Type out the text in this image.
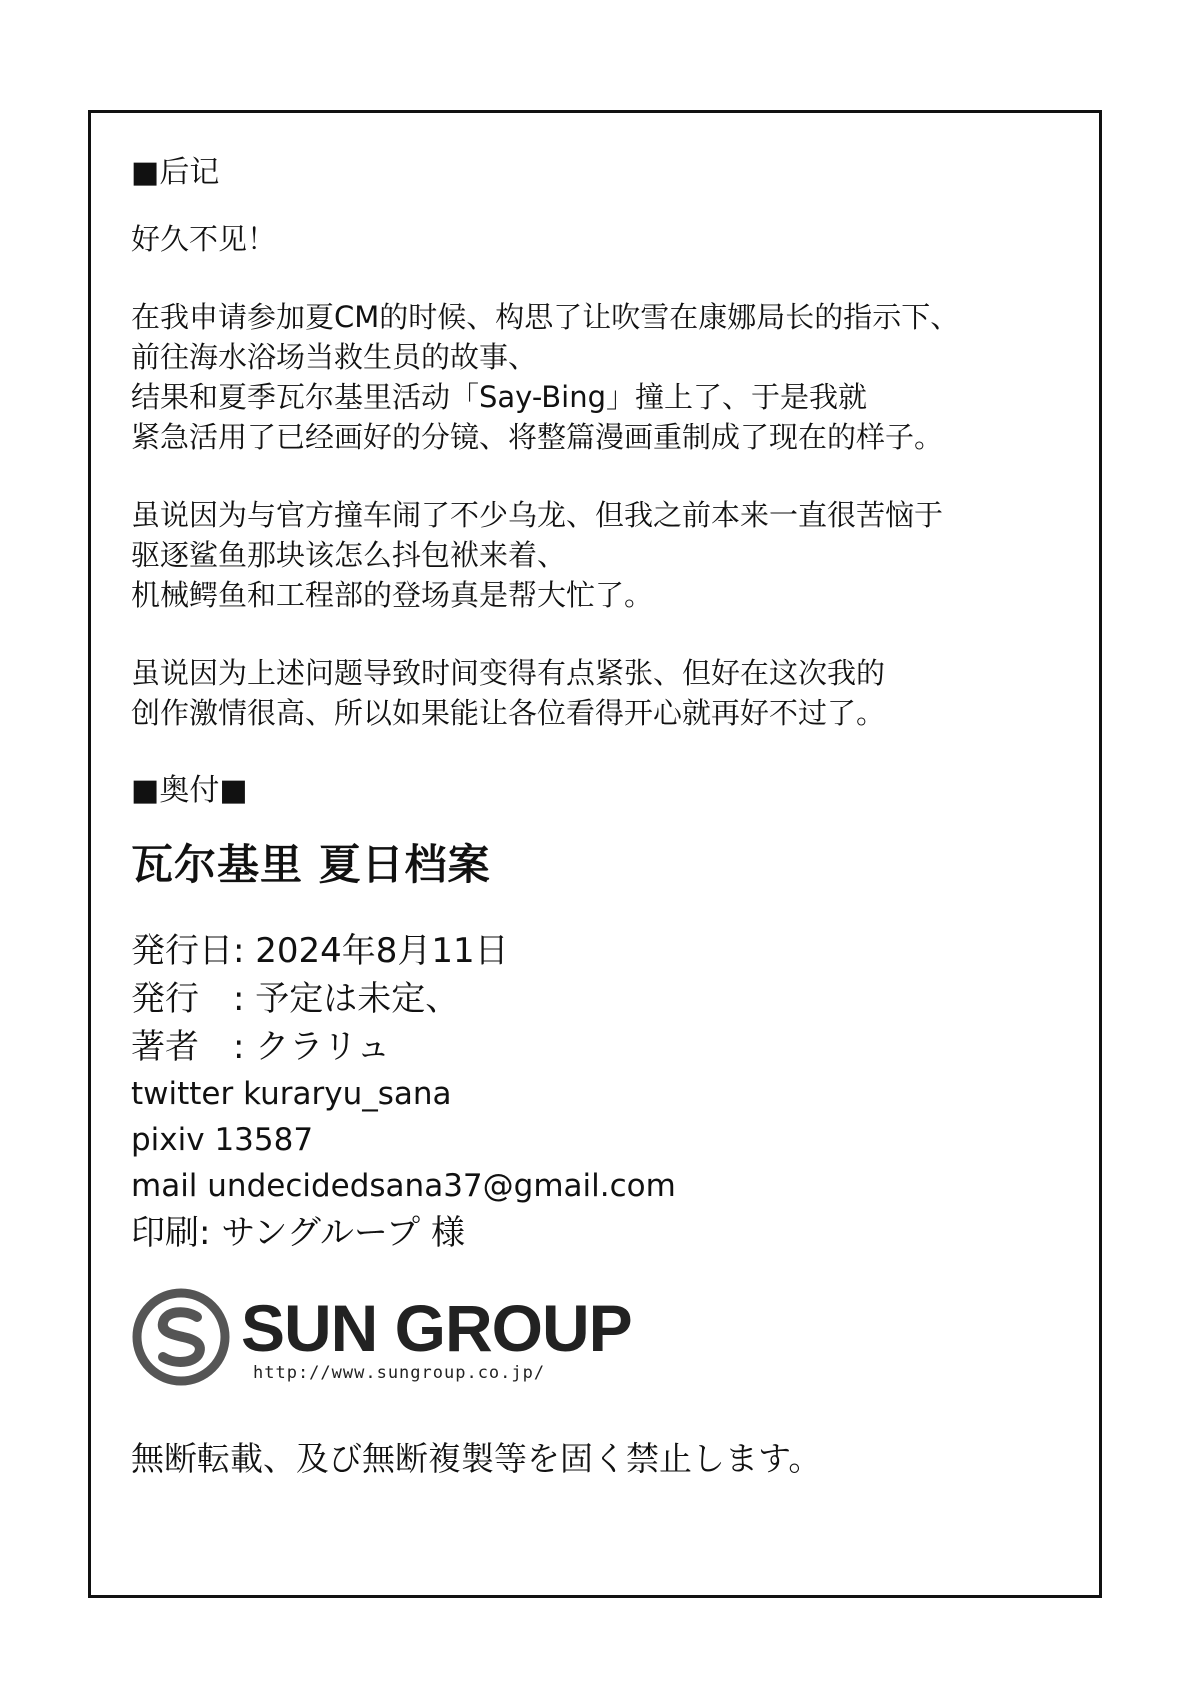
■后记
好久不见！
在我申请参加夏CM的时候、构思了让吹雪在康娜局长的指示下、
前往海水浴场当救生员的故事、
结果和夏季瓦尔基里活动「Say-Bing」撞上了、于是我就
紧急活用了已经画好的分镜、将整篇漫画重制成了现在的样子。
虽说因为与官方撞车闹了不少乌龙、但我之前本来一直很苦恼于
驱逐鲨鱼那块该怎么抖包袱来着、
机械鳄鱼和工程部的登场真是帮大忙了。
虽说因为上述问题导致时间变得有点紧张、但好在这次我的
创作激情很高、所以如果能让各位看得开心就再好不过了。
■奥付■
瓦尔基里 夏日档案
発行日: 2024年8月11日
発行　: 予定は未定、
著者　: クラリュ
twitter kuraryu_sana
pixiv 13587
mail undecidedsana37@gmail.com
印刷: サングループ 様
SUN GROUP
http://www.sungroup.co.jp/
無断転載、及び無断複製等を固く禁止します。
